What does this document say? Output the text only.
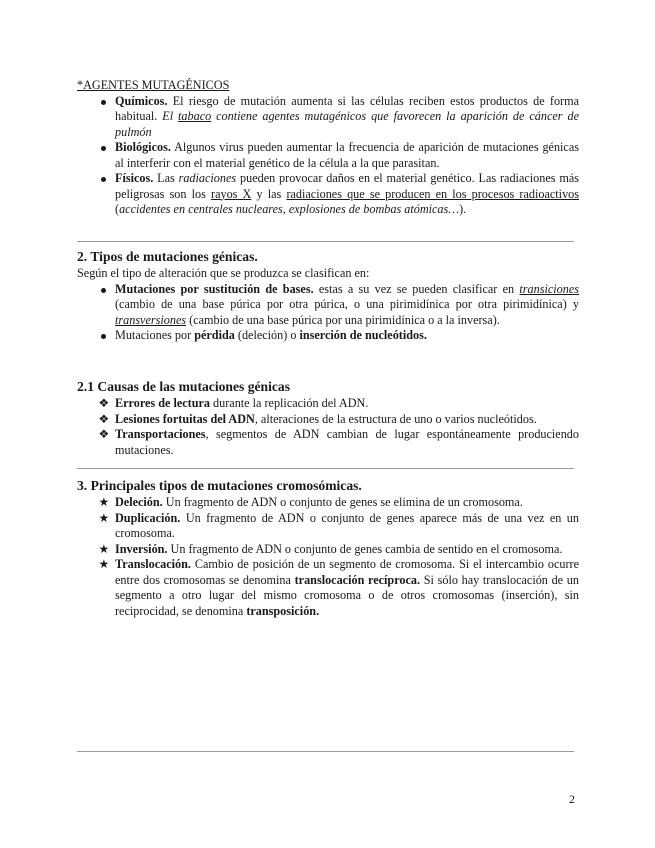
*AGENTES MUTAGÉNICOS

Químicos. El riesgo de mutación aumenta si las células reciben estos productos de forma habitual. El tabaco contiene agentes mutagénicos que favorecen la aparición de cáncer de pulmón
Biológicos. Algunos virus pueden aumentar la frecuencia de aparición de mutaciones génicas al interferir con el material genético de la célula a la que parasitan.
Físicos. Las radiaciones pueden provocar daños en el material genético. Las radiaciones más peligrosas son los rayos X y las radiaciones que se producen en los procesos radioactivos (accidentes en centrales nucleares, explosiones de bombas atómicas…).
2. Tipos de mutaciones génicas.

Según el tipo de alteración que se produzca se clasifican en:

Mutaciones por sustitución de bases. estas a su vez se pueden clasificar en transiciones (cambio de una base púrica por otra púrica, o una pirimidínica por otra pirimidínica) y transversiones (cambio de una base púrica por una pirimidínica o a la inversa).
Mutaciones por pérdida (deleción) o inserción de nucleótidos.
2.1 Causas de las mutaciones génicas
❖ Errores de lectura durante la replicación del ADN.
❖ Lesiones fortuitas del ADN, alteraciones de la estructura de uno o varios nucleótidos.
❖ Transportaciones, segmentos de ADN cambian de lugar espontáneamente produciendo mutaciones.
3. Principales tipos de mutaciones cromosómicas.
★ Deleción. Un fragmento de ADN o conjunto de genes se elimina de un cromosoma.
★ Duplicación. Un fragmento de ADN o conjunto de genes aparece más de una vez en un cromosoma.
★ Inversión. Un fragmento de ADN o conjunto de genes cambia de sentido en el cromosoma.
★ Translocación. Cambio de posición de un segmento de cromosoma. Si el intercambio ocurre entre dos cromosomas se denomina translocación recíproca. Si sólo hay translocación de un segmento a otro lugar del mismo cromosoma o de otros cromosomas (inserción), sin reciprocidad, se denomina transposición.
2
